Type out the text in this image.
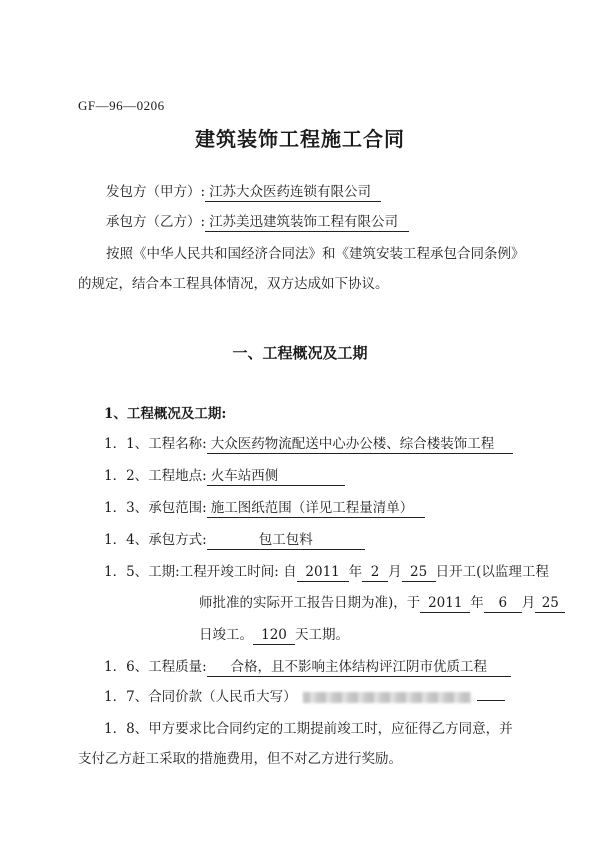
GF—96—0206
建筑装饰工程施工合同
发包方（甲方）: 江苏大众医药连锁有限公司
承包方（乙方）: 江苏美迅建筑装饰工程有限公司
按照《中华人民共和国经济合同法》和《建筑安装工程承包合同条例》
的规定，结合本工程具体情况，双方达成如下协议。
一、工程概况及工期
1、工程概况及工期:
1．1、工程名称: 大众医药物流配送中心办公楼、综合楼装饰工程
1．2、工程地点: 火车站西侧
1．3、承包范围: 施工图纸范围（详见工程量清单）
1．4、承包方式:	包工包料
1．5、工期:工程开竣工时间: 自 2011 年 2 月 25 日开工(以监理工程
师批准的实际开工报告日期为准)，于 2011 年 6 月 25
日竣工。 120 天工期。
1．6、工程质量: 合格，且不影响主体结构评江阴市优质工程
1．7、合同价款（人民币大写）
1．8、甲方要求比合同约定的工期提前竣工时，应征得乙方同意，并
支付乙方赶工采取的措施费用，但不对乙方进行奖励。
